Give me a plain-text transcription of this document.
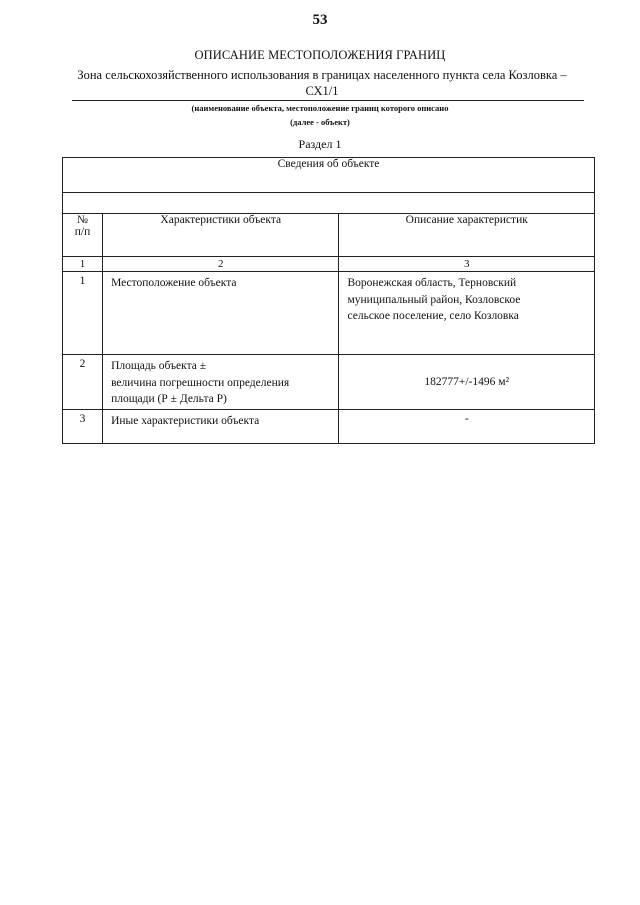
53
ОПИСАНИЕ МЕСТОПОЛОЖЕНИЯ ГРАНИЦ
Зона сельскохозяйственного использования в границах населенного пункта села Козловка – СХ1/1
(наименование объекта, местоположение границ которого описано
(далее - объект)
Раздел 1
Сведения об объекте		

№
п/п	Характеристики объекта	Описание характеристик
1	2	3
1	Местоположение объекта	Воронежская область, Терновский
муниципальный район, Козловское
сельское поселение, село Козловка

2	Площадь объекта ±
величина погрешности определения
площади (Р ± Дельта Р)	182777+/-1496 м²

3	Иные характеристики объекта	-
